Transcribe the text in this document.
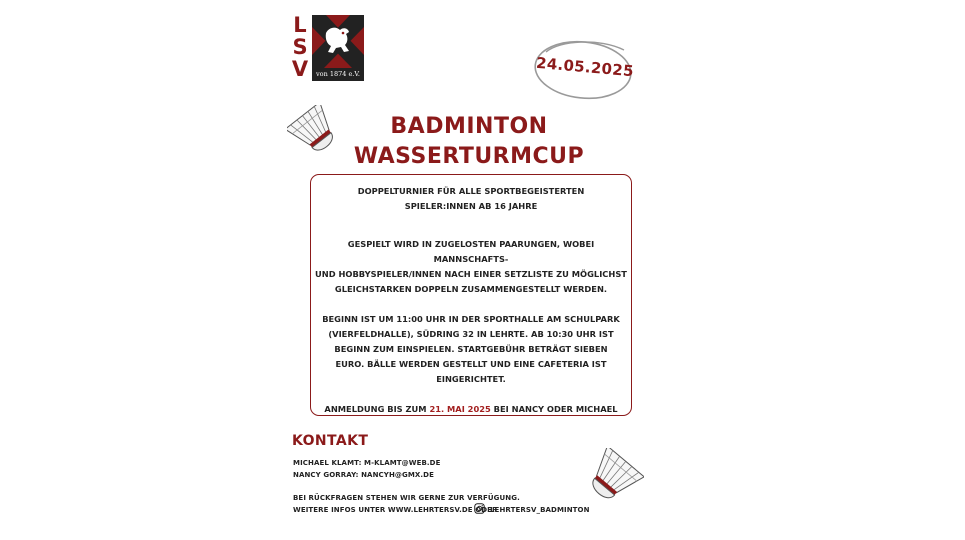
L
S
V	von 1874 e.V.	24.05.2025
BADMINTON
WASSERTURMCUP

DOPPELTURNIER FÜR ALLE SPORTBEGEISTERTEN

SPIELER:INNEN AB 16 JAHRE

GESPIELT WIRD IN ZUGELOSTEN PAARUNGEN, WOBEI MANNSCHAFTS-

UND HOBBYSPIELER/INNEN NACH EINER SETZLISTE ZU MÖGLICHST

GLEICHSTARKEN DOPPELN ZUSAMMENGESTELLT WERDEN.

BEGINN IST UM 11:00 UHR IN DER SPORTHALLE AM SCHULPARK

(VIERFELDHALLE), SÜDRING 32 IN LEHRTE. AB 10:30 UHR IST

BEGINN ZUM EINSPIELEN. STARTGEBÜHR BETRÄGT SIEBEN

EURO. BÄLLE WERDEN GESTELLT UND EINE CAFETERIA IST

EINGERICHTET.

ANMELDUNG BIS ZUM 21. MAI 2025 BEI NANCY ODER MICHAEL

KONTAKT
MICHAEL KLAMT: M-KLAMT@WEB.DE
NANCY GORRAY: NANCYH@GMX.DE
BEI RÜCKFRAGEN STEHEN WIR GERNE ZUR VERFÜGUNG.
WEITERE INFOS UNTER WWW.LEHRTERSV.DE ODER
LEHRTERSV_BADMINTON
